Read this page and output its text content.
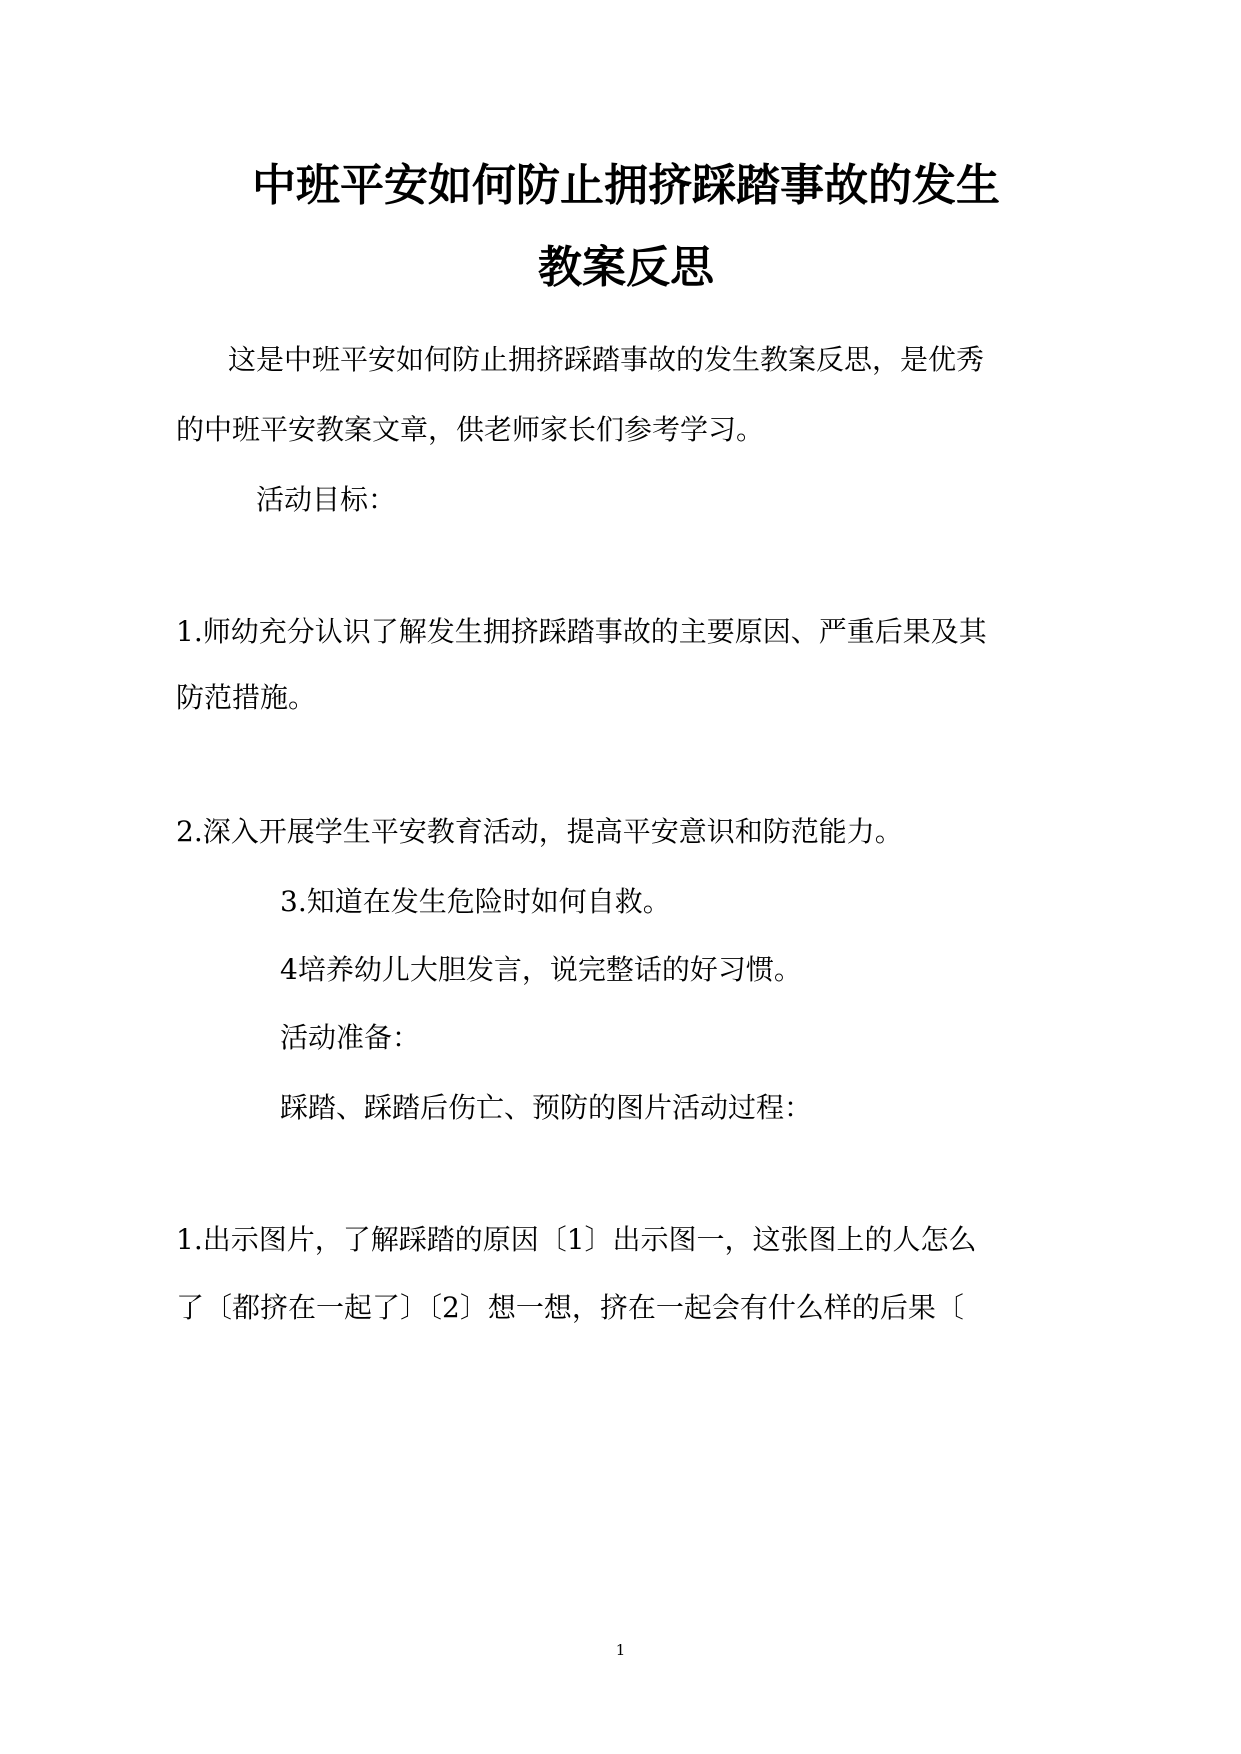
中班平安如何防止拥挤踩踏事故的发生
教案反思
这是中班平安如何防止拥挤踩踏事故的发生教案反思，是优秀
的中班平安教案文章，供老师家长们参考学习。
活动目标：
1.师幼充分认识了解发生拥挤踩踏事故的主要原因、严重后果及其
防范措施。
2.深入开展学生平安教育活动，提高平安意识和防范能力。
3.知道在发生危险时如何自救。
4培养幼儿大胆发言，说完整话的好习惯。
活动准备：
踩踏、踩踏后伤亡、预防的图片活动过程：
1.出示图片，了解踩踏的原因〔1〕出示图一，这张图上的人怎么
了〔都挤在一起了〕〔2〕想一想，挤在一起会有什么样的后果〔
1
